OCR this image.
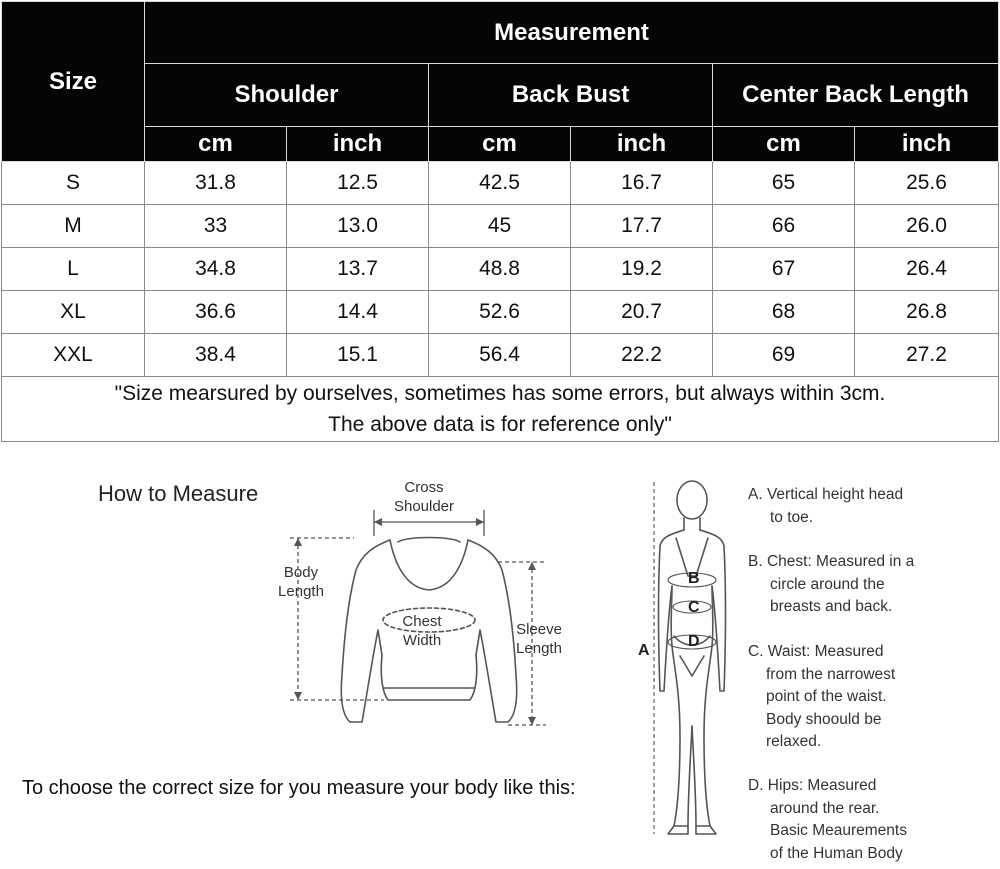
Size	Measurement					
	Shoulder		Back Bust		Center Back Length	
	cm	inch	cm	inch	cm	inch
S	31.8	12.5	42.5	16.7	65	25.6
M	33	13.0	45	17.7	66	26.0
L	34.8	13.7	48.8	19.2	67	26.4
XL	36.6	14.4	52.6	20.7	68	26.8
XXL	38.4	15.1	56.4	22.2	69	27.2

"Size mearsured by ourselves, sometimes has some errors, but always within 3cm.
The above data is for reference only"						
How to Measure	Cross
Shoulder
Body
Length
Chest
Width
Sleeve
Length
To choose the correct size for you measure your body like this:
A
B
C
D
A. Vertical height head
to toe.
B. Chest: Measured in a
circle around the
breasts and back.
C. Waist: Measured
from the narrowest
point of the waist.
Body shoould be
relaxed.
D. Hips: Measured
around the rear.
Basic Meaurements
of the Human Body
